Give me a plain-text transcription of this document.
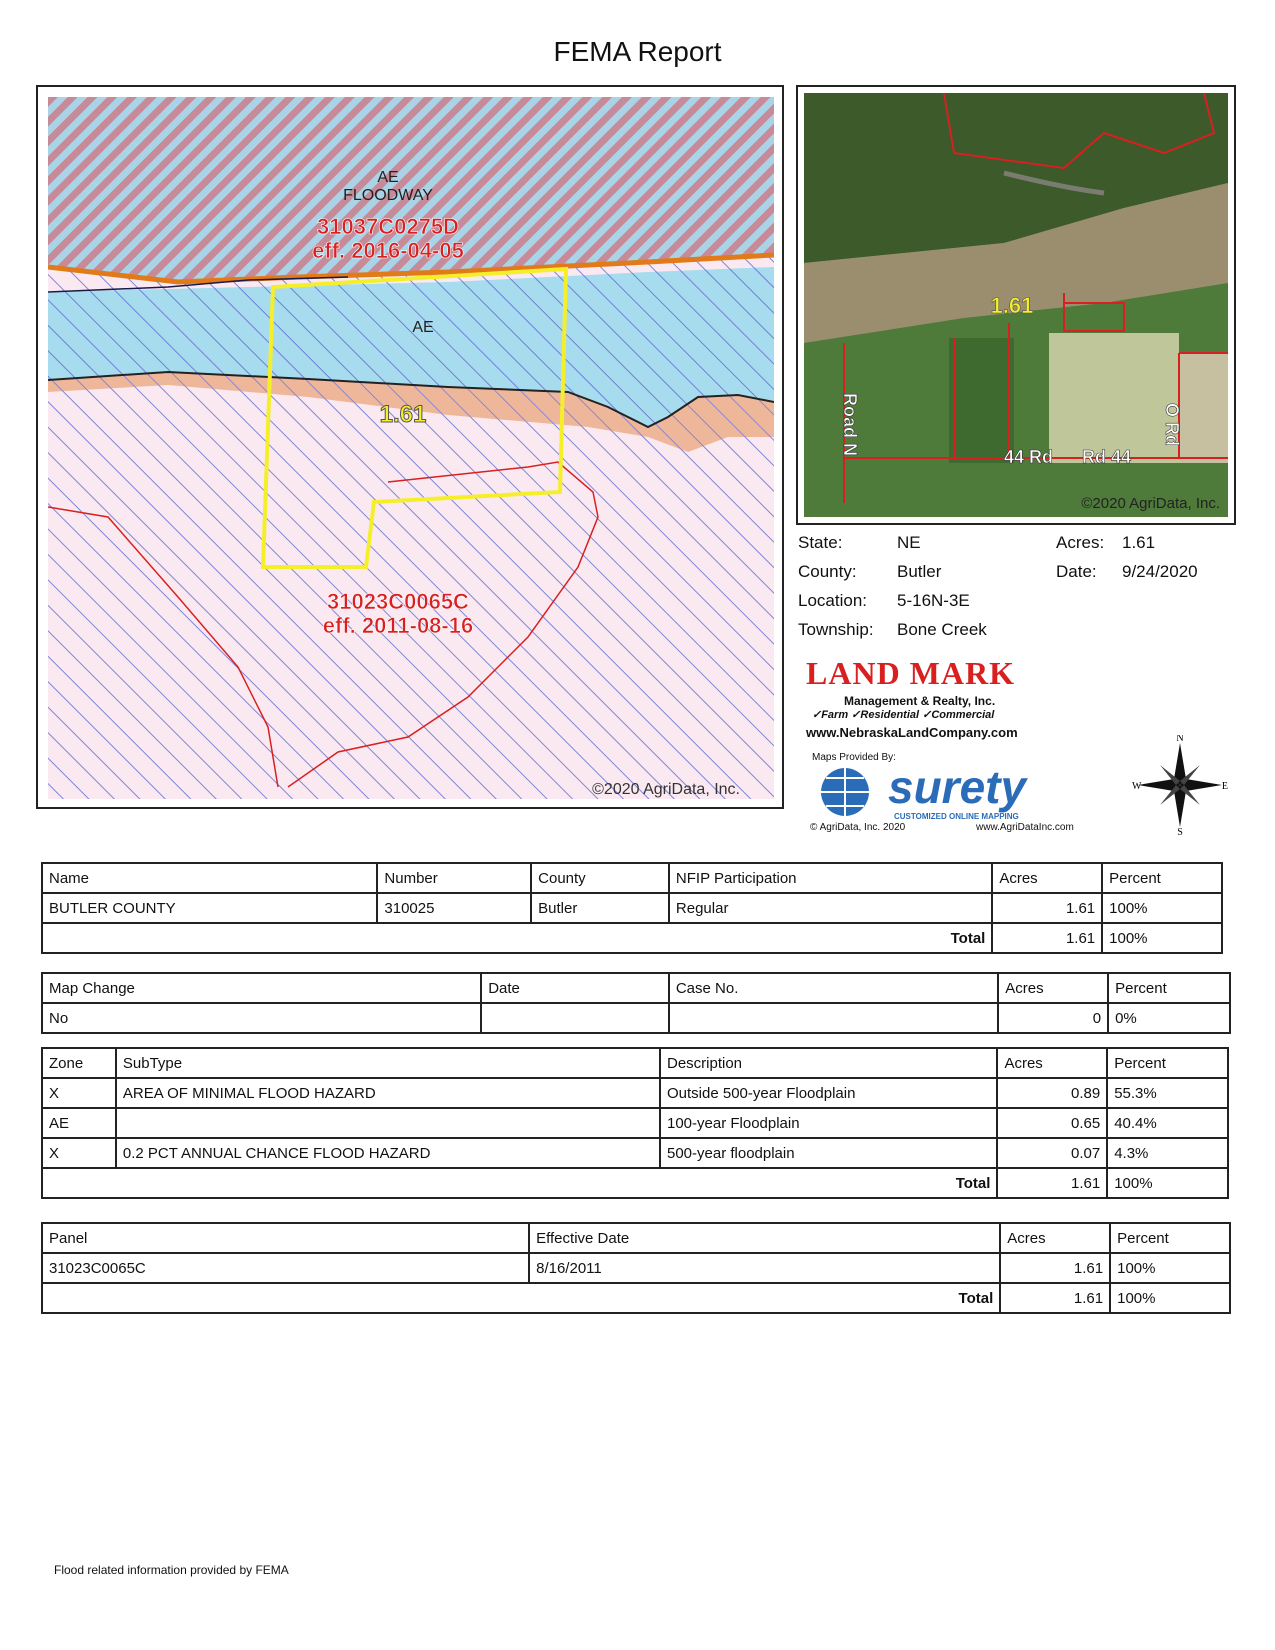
FEMA Report
AE
FLOODWAY
31037C0275D
eff. 2016-04-05
AE
1.61
31023C0065C
eff. 2011-08-16
©2020 AgriData, Inc.
1.61
Road N	O Rd
44 Rd Rd 44
©2020 AgriData, Inc.
State:	NE
County: Butler
Location: 5-16N-3E
Township: Bone Creek
Acres: 1.61
Date: 9/24/2020
LAND MARK
Management & Realty, Inc.
✓Farm ✓Residential ✓Commercial
www.NebraskaLandCompany.com
Maps Provided By:
surety
CUSTOMIZED ONLINE MAPPING
© AgriData, Inc. 2020	www.AgriDataInc.com
N
S
E
W
Name	Number	County	NFIP Participation	Acres	Percent
BUTLER COUNTY	310025	Butler	Regular	1.61	100%
Total				1.61	100%
Map Change	Date	Case No.	Acres	Percent
No			0	0%
Zone	SubType	Description	Acres	Percent
X	AREA OF MINIMAL FLOOD HAZARD	Outside 500-year Floodplain	0.89	55.3%
AE		100-year Floodplain	0.65	40.4%
X	0.2 PCT ANNUAL CHANCE FLOOD HAZARD	500-year floodplain	0.07	4.3%
Total			1.61	100%
Panel	Effective Date	Acres	Percent
31023C0065C	8/16/2011	1.61	100%
Total		1.61	100%
Flood related information provided by FEMA
